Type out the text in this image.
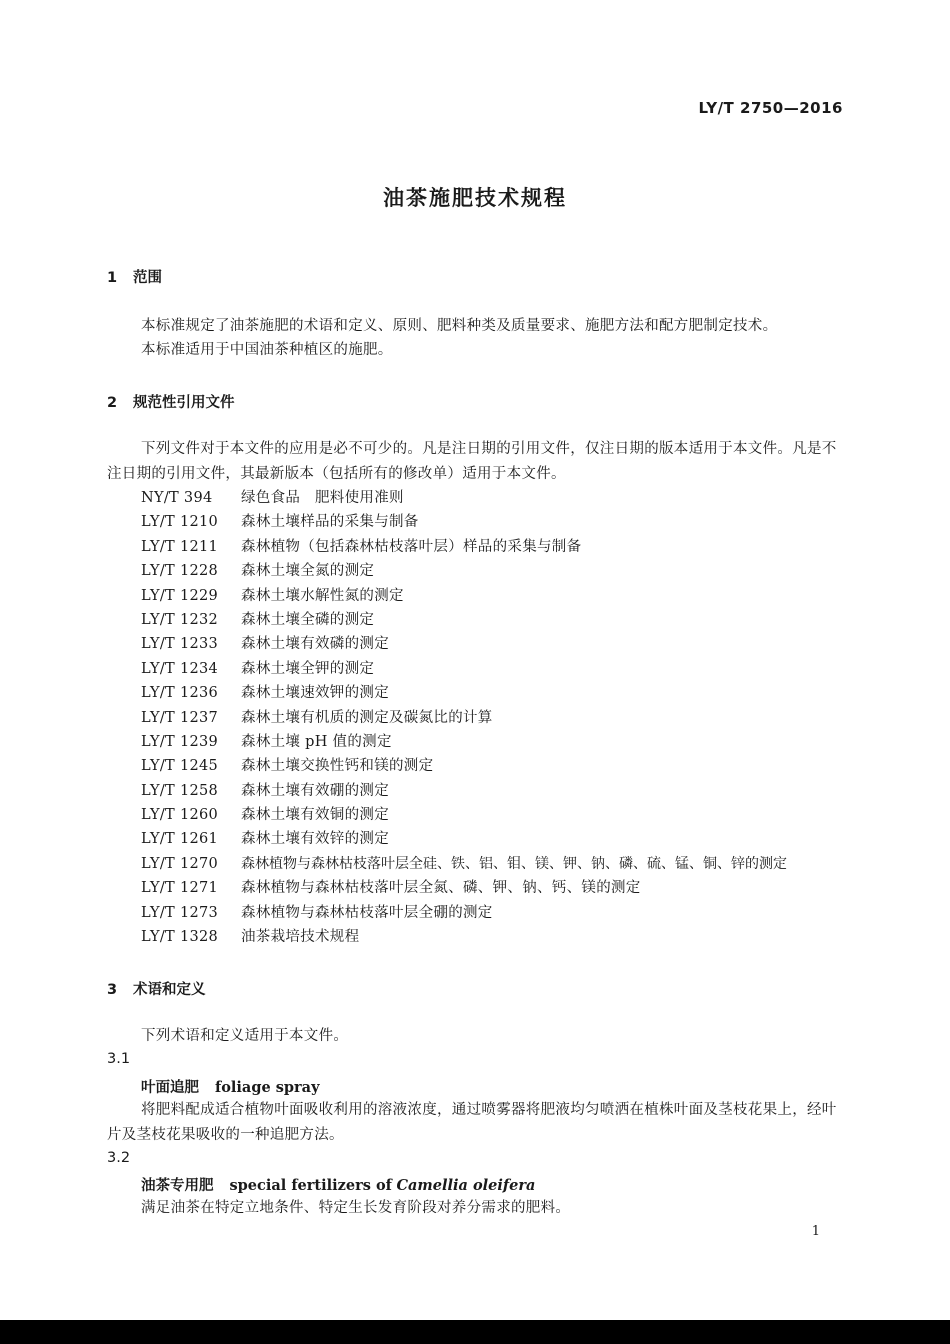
LY/T 2750—2016
油茶施肥技术规程
1 范围
本标准规定了油茶施肥的术语和定义、原则、肥料种类及质量要求、施肥方法和配方肥制定技术。
本标准适用于中国油茶种植区的施肥。
2 规范性引用文件
下列文件对于本文件的应用是必不可少的。凡是注日期的引用文件，仅注日期的版本适用于本文件。凡是不注日期的引用文件，其最新版本（包括所有的修改单）适用于本文件。
NY/T 394 绿色食品　肥料使用准则
LY/T 1210 森林土壤样品的采集与制备
LY/T 1211 森林植物（包括森林枯枝落叶层）样品的采集与制备
LY/T 1228 森林土壤全氮的测定
LY/T 1229 森林土壤水解性氮的测定
LY/T 1232 森林土壤全磷的测定
LY/T 1233 森林土壤有效磷的测定
LY/T 1234 森林土壤全钾的测定
LY/T 1236 森林土壤速效钾的测定
LY/T 1237 森林土壤有机质的测定及碳氮比的计算
LY/T 1239 森林土壤 pH 值的测定
LY/T 1245 森林土壤交换性钙和镁的测定
LY/T 1258 森林土壤有效硼的测定
LY/T 1260 森林土壤有效铜的测定
LY/T 1261 森林土壤有效锌的测定
LY/T 1270 森林植物与森林枯枝落叶层全硅、铁、铝、钼、镁、钾、钠、磷、硫、锰、铜、锌的测定
LY/T 1271 森林植物与森林枯枝落叶层全氮、磷、钾、钠、钙、镁的测定
LY/T 1273 森林植物与森林枯枝落叶层全硼的测定
LY/T 1328 油茶栽培技术规程
3 术语和定义
下列术语和定义适用于本文件。
3.1
叶面追肥 foliage spray
将肥料配成适合植物叶面吸收利用的溶液浓度，通过喷雾器将肥液均匀喷洒在植株叶面及茎枝花果上，经叶片及茎枝花果吸收的一种追肥方法。
3.2
油茶专用肥 special fertilizers of Camellia oleifera
满足油茶在特定立地条件、特定生长发育阶段对养分需求的肥料。
1
